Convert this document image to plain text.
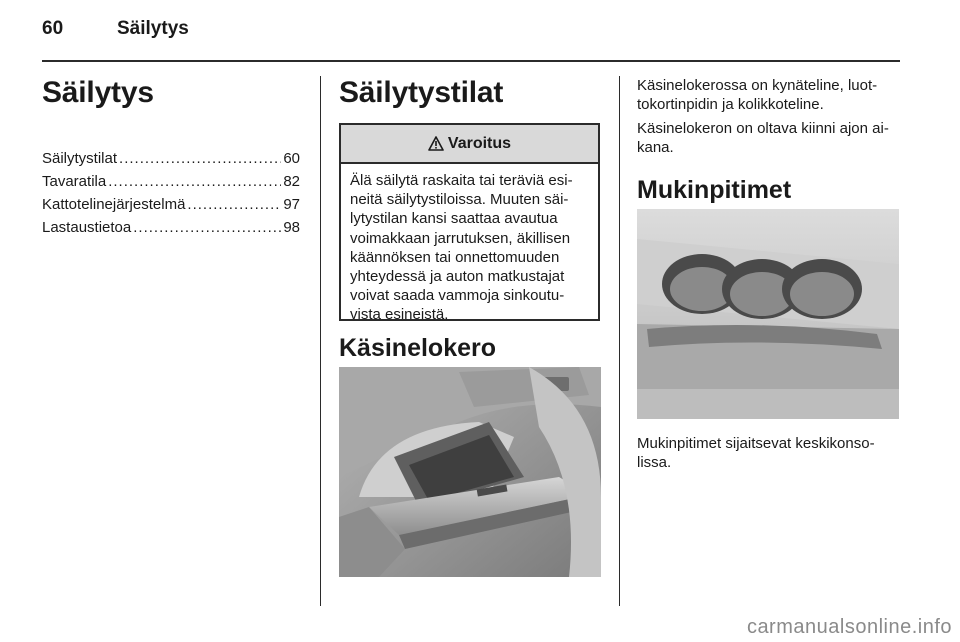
60	Säilytys
Säilytys
Säilytystilat .....	60
Tavaratila .....	82
Kattotelinejärjestelmä .....	97
Lastaustietoa .....	98
Säilytystilat
Varoitus
Älä säilytä raskaita tai teräviä esi-
neitä säilytystiloissa. Muuten säi-
lytystilan kansi saattaa avautua
voimakkaan jarrutuksen, äkillisen
käännöksen tai onnettomuuden
yhteydessä ja auton matkustajat
voivat saada vammoja sinkoutu-
vista esineistä.
Käsinelokero
Käsinelokerossa on kynäteline, luot-
tokortinpidin ja kolikkoteline.
Käsinelokeron on oltava kiinni ajon ai-
kana.
Mukinpitimet
Mukinpitimet sijaitsevat keskikonso-
lissa.
carmanualsonline.info
